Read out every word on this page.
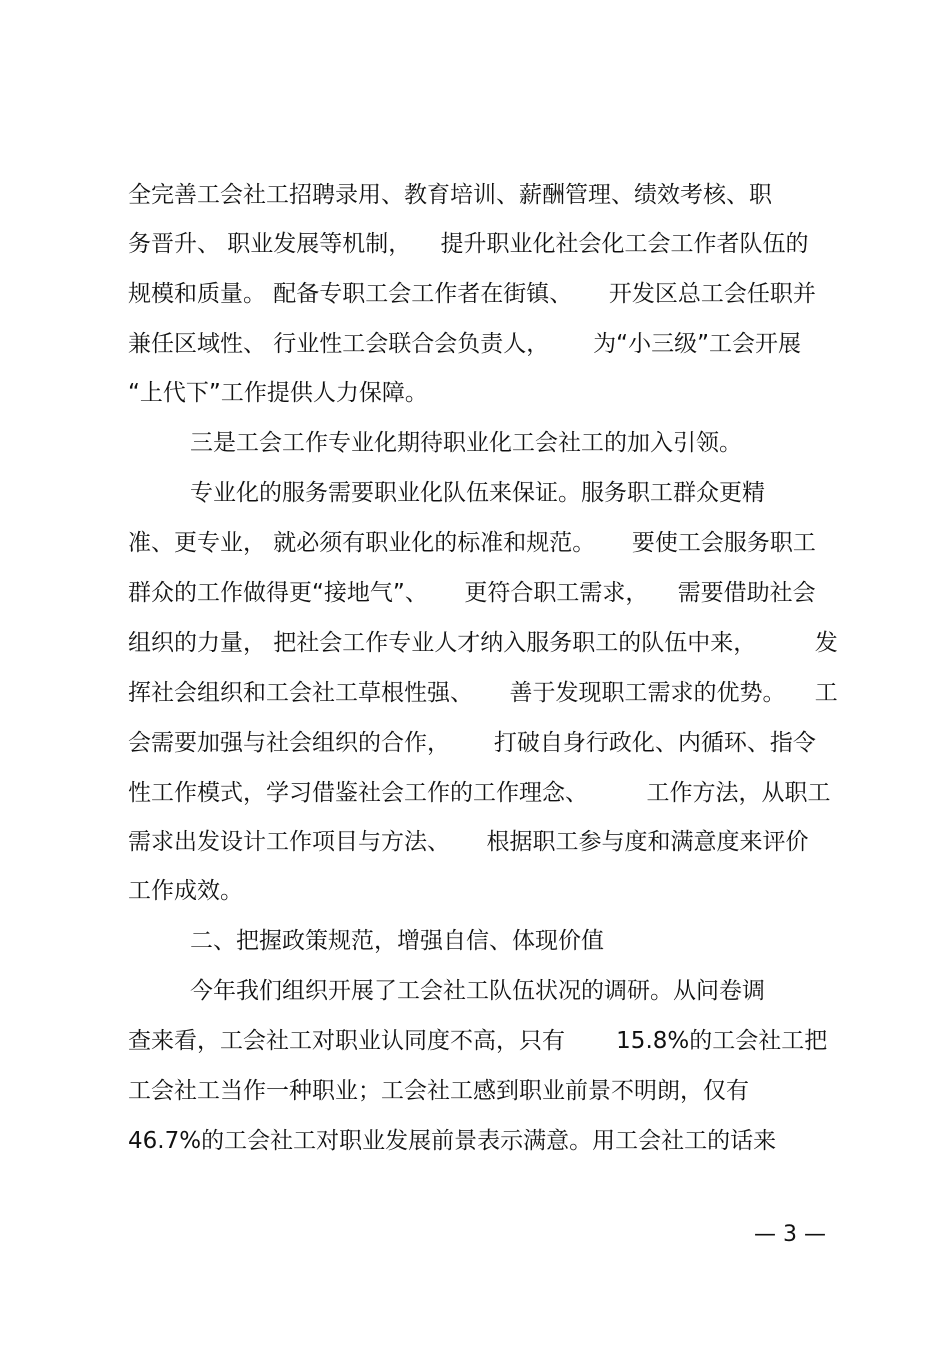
全完善工会社工招聘录用、教育培训、薪酬管理、绩效考核、职
务晋升、 职业发展等机制，    提升职业化社会化工会工作者队伍的
规模和质量。 配备专职工会工作者在街镇、     开发区总工会任职并
兼任区域性、 行业性工会联合会负责人，      为“小三级”工会开展
“上代下”工作提供人力保障。
三是工会工作专业化期待职业化工会社工的加入引领。
专业化的服务需要职业化队伍来保证。服务职工群众更精
准、更专业， 就必须有职业化的标准和规范。     要使工会服务职工
群众的工作做得更“接地气”、     更符合职工需求，    需要借助社会
组织的力量， 把社会工作专业人才纳入服务职工的队伍中来，        发
挥社会组织和工会社工草根性强、     善于发现职工需求的优势。    工
会需要加强与社会组织的合作，      打破自身行政化、内循环、指令
性工作模式，学习借鉴社会工作的工作理念、        工作方法，从职工
需求出发设计工作项目与方法、     根据职工参与度和满意度来评价
工作成效。
二、把握政策规范，增强自信、体现价值
今年我们组织开展了工会社工队伍状况的调研。从问卷调
查来看，工会社工对职业认同度不高，只有       15.8%的工会社工把
工会社工当作一种职业；工会社工感到职业前景不明朗，仅有
46.7%的工会社工对职业发展前景表示满意。用工会社工的话来
— 3 —
